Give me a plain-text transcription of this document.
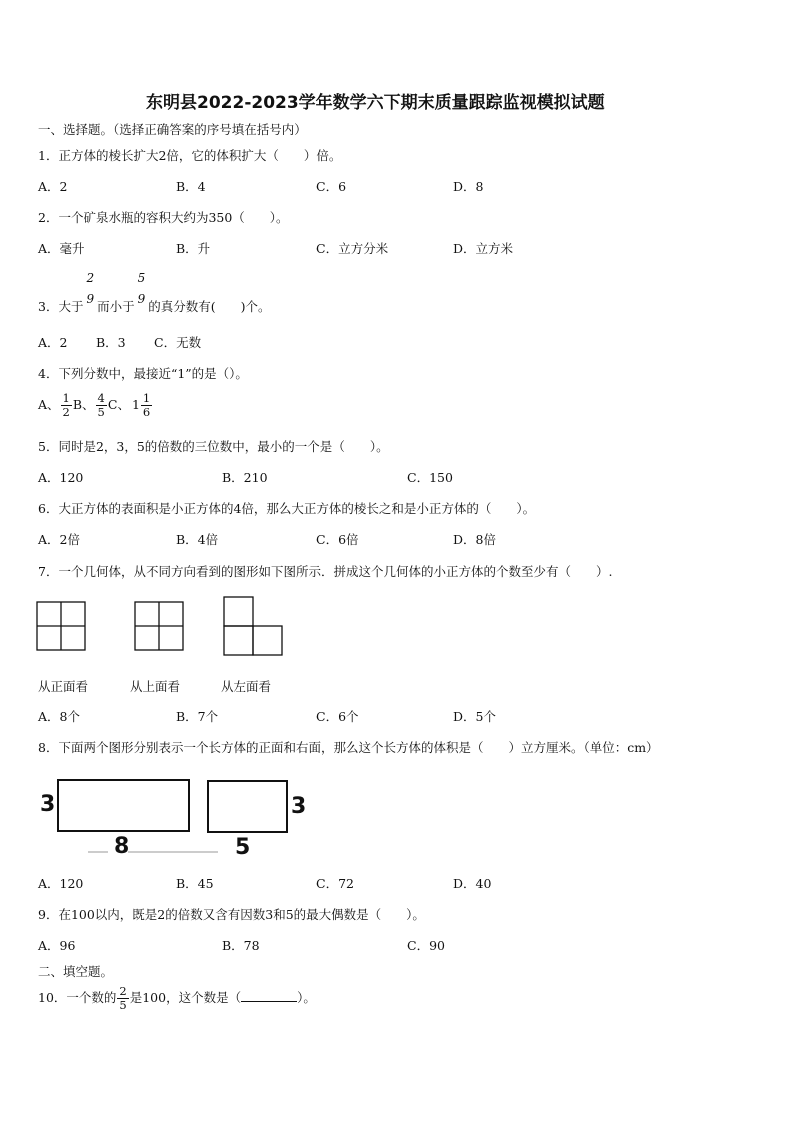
东明县2022-2023学年数学六下期末质量跟踪监视模拟试题
一、选择题。（选择正确答案的序号填在括号内）
1．正方体的棱长扩大2倍，它的体积扩大（　　）倍。
A．2	B．4	C．6	D．8
2．一个矿泉水瓶的容积大约为350（　　）。
A．毫升	B．升	C．立方分米	D．立方米
3．大于
2
9 而小于
5
9 的真分数有(　　)个。
A．2 B．3 C．无数
4．下列分数中，最接近“1”的是（）。
A、 $\frac{1}{2}$ B、 $\frac{4}{5}$ C、 $1 \frac{1}{6}$
5．同时是2，3，5的倍数的三位数中，最小的一个是（　　）。
A．120	B．210	C．150
6．大正方体的表面积是小正方体的4倍，那么大正方体的棱长之和是小正方体的（　　）。
A．2倍	B．4倍	C．6倍	D．8倍
7．一个几何体，从不同方向看到的图形如下图所示．拼成这个几何体的小正方体的个数至少有（　　）.
从正面看	从上面看	从左面看
A．8个	B．7个	C．6个	D．5个
8．下面两个图形分别表示一个长方体的正面和右面，那么这个长方体的体积是（　　）立方厘米。（单位：cm）
3
8
3
5
A．120	B．45	C．72	D．40
9．在100以内，既是2的倍数又含有因数3和5的最大偶数是（　　）。
A．96	B．78	C．90
二、填空题。
10．一个数的 $\frac{2}{5}$ 是100，这个数是（	）。
